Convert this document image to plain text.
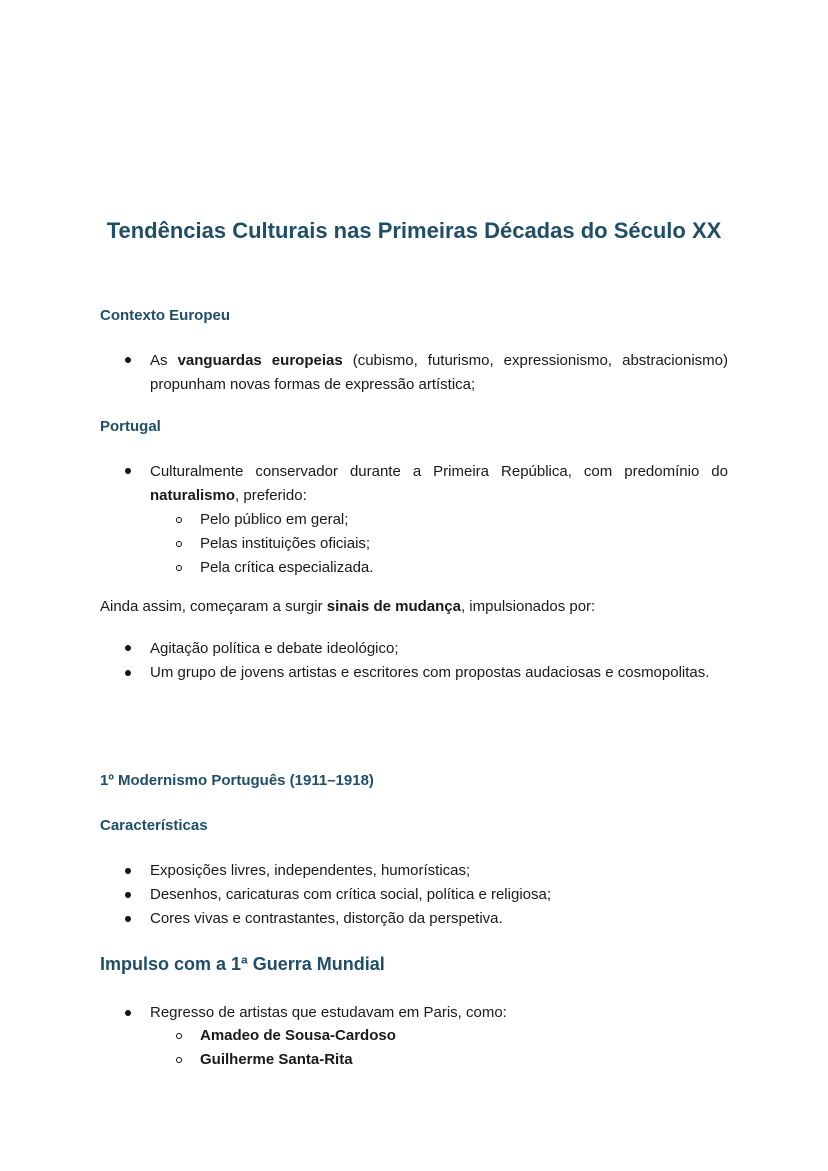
Tendências Culturais nas Primeiras Décadas do Século XX
Contexto Europeu
As vanguardas europeias (cubismo, futurismo, expressionismo, abstracionismo) propunham novas formas de expressão artística;
Portugal
Culturalmente conservador durante a Primeira República, com predomínio do naturalismo, preferido:
Pelo público em geral;
Pelas instituições oficiais;
Pela crítica especializada.
Ainda assim, começaram a surgir sinais de mudança, impulsionados por:
Agitação política e debate ideológico;
Um grupo de jovens artistas e escritores com propostas audaciosas e cosmopolitas.
1º Modernismo Português (1911–1918)
Características
Exposições livres, independentes, humorísticas;
Desenhos, caricaturas com crítica social, política e religiosa;
Cores vivas e contrastantes, distorção da perspetiva.
Impulso com a 1ª Guerra Mundial
Regresso de artistas que estudavam em Paris, como:
Amadeo de Sousa-Cardoso
Guilherme Santa-Rita
